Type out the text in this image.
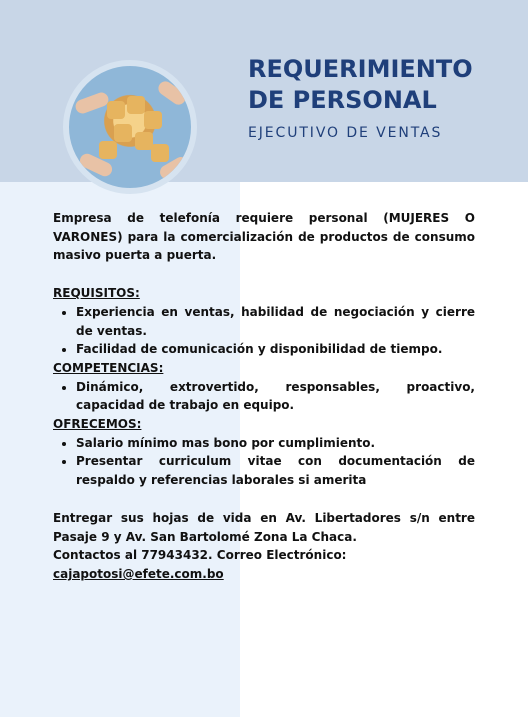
REQUERIMIENTO
DE PERSONAL
EJECUTIVO DE VENTAS

Empresa de telefonía requiere personal (MUJERES O VARONES) para la comercialización de productos de consumo masivo puerta a puerta.

REQUISITOS:

• Experiencia en ventas, habilidad de negociación y cierre de ventas.
• Facilidad de comunicación y disponibilidad de tiempo.

COMPETENCIAS:

• Dinámico, extrovertido, responsables, proactivo, capacidad de trabajo en equipo.

OFRECEMOS:

• Salario mínimo mas bono por cumplimiento.
• Presentar curriculum vitae con documentación de respaldo y referencias laborales si amerita

Entregar sus hojas de vida en Av. Libertadores s/n entre Pasaje 9 y Av. San Bartolomé Zona La Chaca.

Contactos al 77943432. Correo Electrónico:

cajapotosi@efete.com.bo
